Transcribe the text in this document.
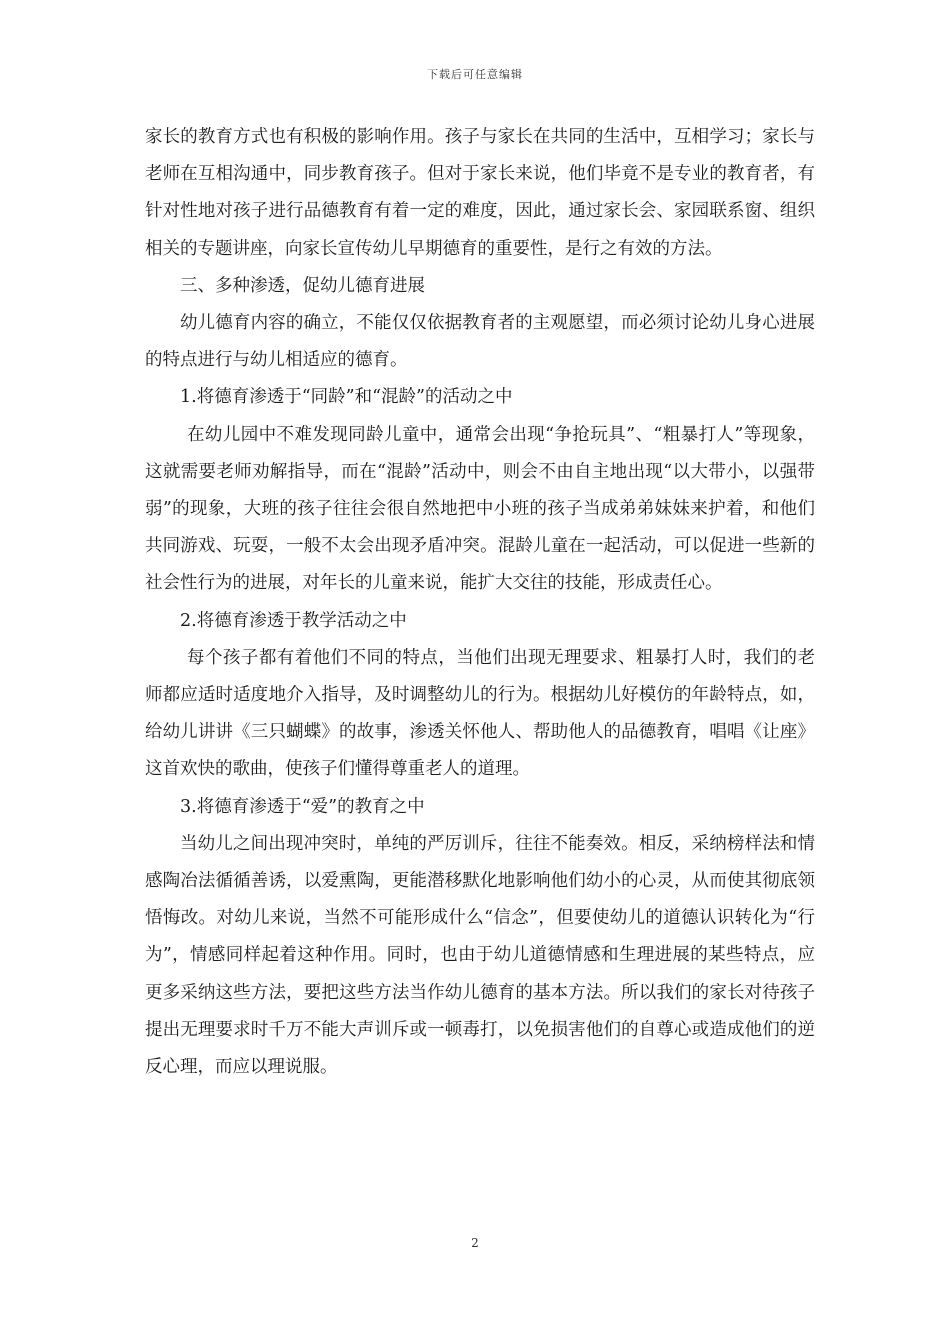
下载后可任意编辑

家长的教育方式也有积极的影响作用。孩子与家长在共同的生活中，互相学习；家长与老师在互相沟通中，同步教育孩子。但对于家长来说，他们毕竟不是专业的教育者，有针对性地对孩子进行品德教育有着一定的难度，因此，通过家长会、家园联系窗、组织相关的专题讲座，向家长宣传幼儿早期德育的重要性，是行之有效的方法。

三、多种渗透，促幼儿德育进展

幼儿德育内容的确立，不能仅仅依据教育者的主观愿望，而必须讨论幼儿身心进展的特点进行与幼儿相适应的德育。

1.将德育渗透于“同龄”和“混龄”的活动之中

在幼儿园中不难发现同龄儿童中，通常会出现“争抢玩具”、“粗暴打人”等现象，这就需要老师劝解指导，而在“混龄”活动中，则会不由自主地出现“以大带小，以强带弱”的现象，大班的孩子往往会很自然地把中小班的孩子当成弟弟妹妹来护着，和他们共同游戏、玩耍，一般不太会出现矛盾冲突。混龄儿童在一起活动，可以促进一些新的社会性行为的进展，对年长的儿童来说，能扩大交往的技能，形成责任心。

2.将德育渗透于教学活动之中

每个孩子都有着他们不同的特点，当他们出现无理要求、粗暴打人时，我们的老师都应适时适度地介入指导，及时调整幼儿的行为。根据幼儿好模仿的年龄特点，如，给幼儿讲讲《三只蝴蝶》的故事，渗透关怀他人、帮助他人的品德教育，唱唱《让座》这首欢快的歌曲，使孩子们懂得尊重老人的道理。

3.将德育渗透于“爱”的教育之中

当幼儿之间出现冲突时，单纯的严厉训斥，往往不能奏效。相反，采纳榜样法和情感陶冶法循循善诱，以爱熏陶，更能潜移默化地影响他们幼小的心灵，从而使其彻底领悟悔改。对幼儿来说，当然不可能形成什么“信念”，但要使幼儿的道德认识转化为“行为”，情感同样起着这种作用。同时，也由于幼儿道德情感和生理进展的某些特点，应更多采纳这些方法，要把这些方法当作幼儿德育的基本方法。所以我们的家长对待孩子提出无理要求时千万不能大声训斥或一顿毒打，以免损害他们的自尊心或造成他们的逆反心理，而应以理说服。

2
